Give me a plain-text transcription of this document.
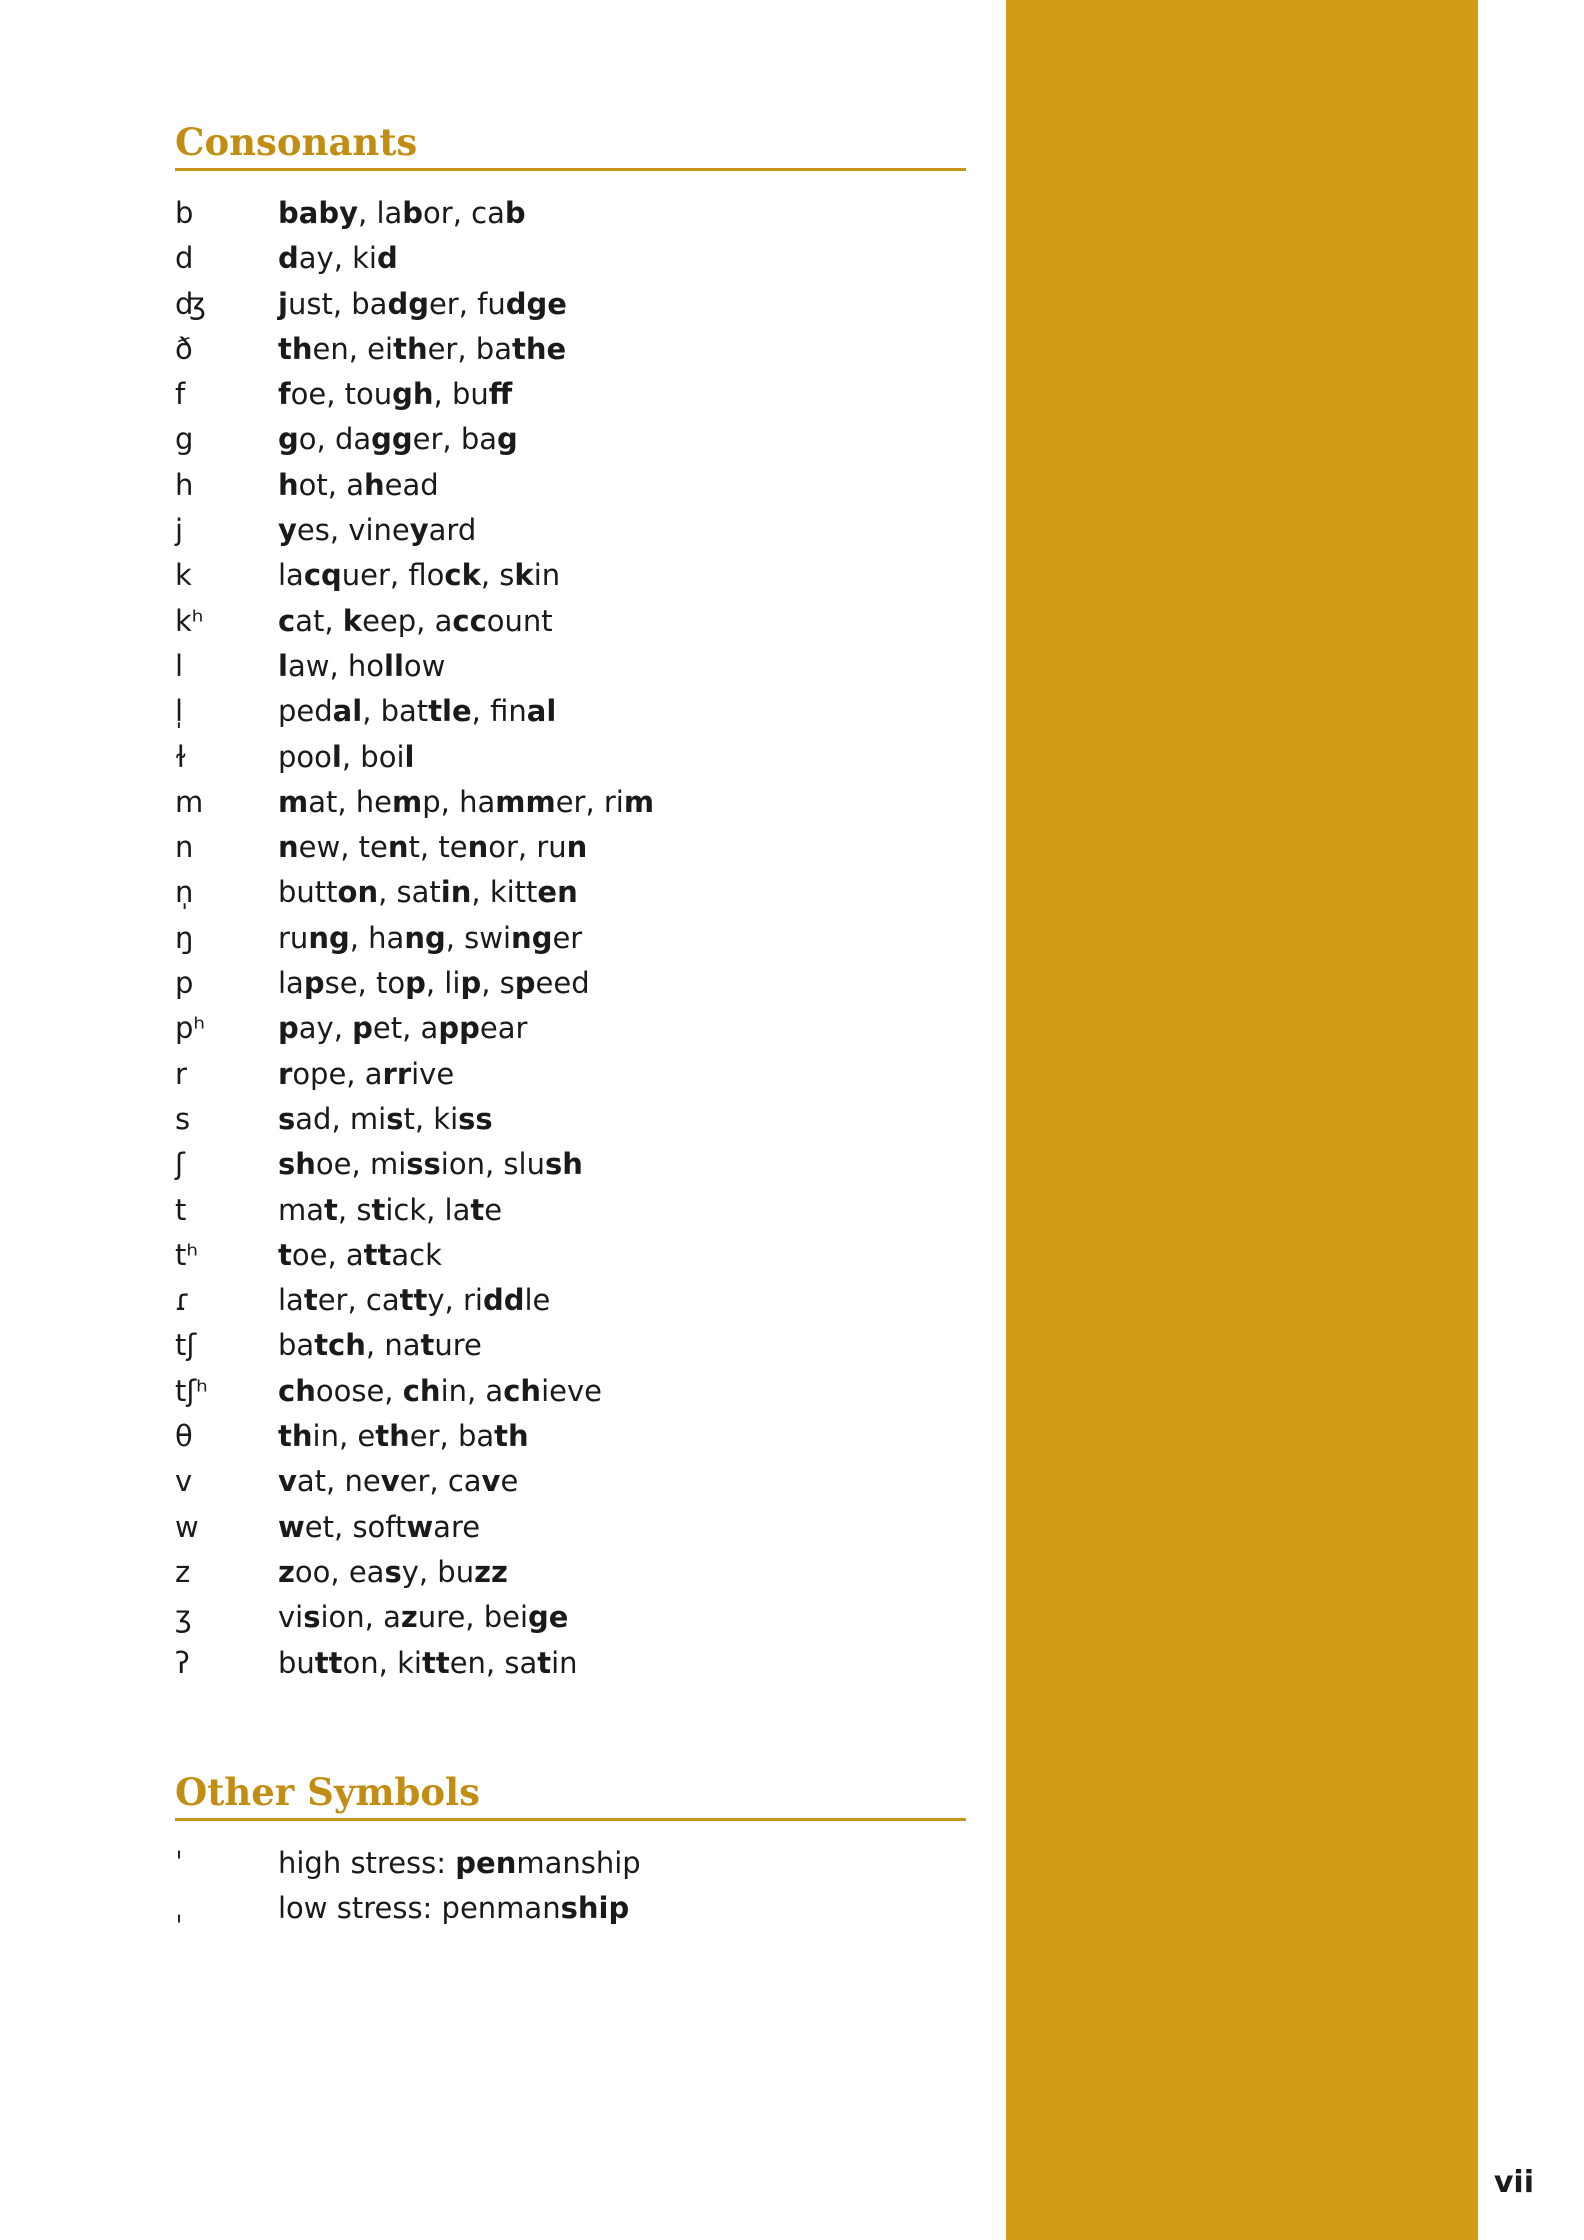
vii
Consonants
b	baby, labor, cab
d	day, kid
ʤ	just, badger, fudge
ð	then, either, bathe
f	foe, tough, buff
g	go, dagger, bag
h	hot, ahead
j	yes, vineyard
k	lacquer, flock, skin
kʰ	cat, keep, account
l	law, hollow
l̩	pedal, battle, final
ɫ	pool, boil
m	mat, hemp, hammer, rim
n	new, tent, tenor, run
n̩	button, satin, kitten
ŋ	rung, hang, swinger
p	lapse, top, lip, speed
pʰ	pay, pet, appear
r	rope, arrive
s	sad, mist, kiss
ʃ	shoe, mission, slush
t	mat, stick, late
tʰ	toe, attack
ɾ	later, catty, riddle
tʃ	batch, nature
tʃʰ	choose, chin, achieve
θ	thin, ether, bath
v	vat, never, cave
w	wet, software
z	zoo, easy, buzz
ʒ	vision, azure, beige
ʔ	button, kitten, satin
Other Symbols
ˈ	high stress: penmanship
ˌ	low stress: penmanship
